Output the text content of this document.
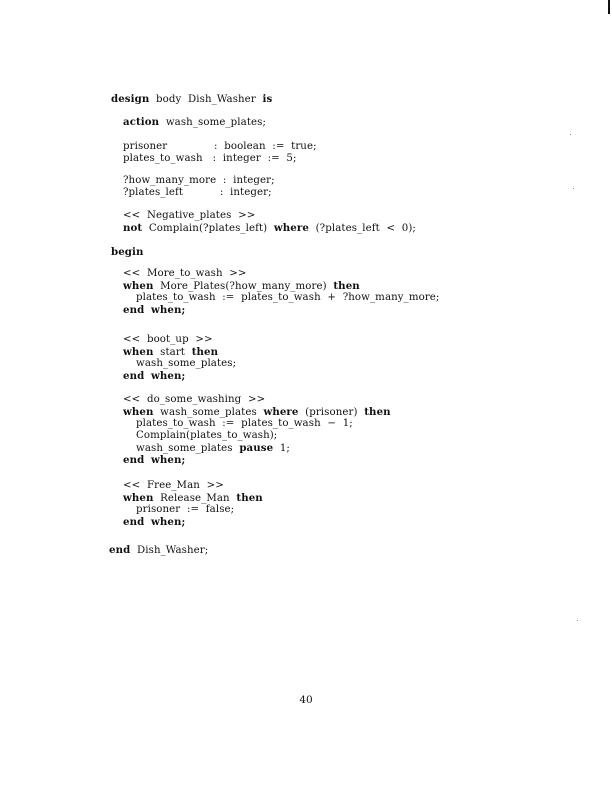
design  body  Dish_Washer  is
action  wash_some_plates;
prisoner              :  boolean  :=  true;
plates_to_wash   :  integer  :=  5;
?how_many_more  :  integer;
?plates_left           :  integer;
<<  Negative_plates  >>
not  Complain(?plates_left)  where  (?plates_left  <  0);
begin
<<  More_to_wash  >>
when  More_Plates(?how_many_more)  then
plates_to_wash  :=  plates_to_wash  +  ?how_many_more;
end when;
<<  boot_up  >>
when  start  then
wash_some_plates;
end when;
<<  do_some_washing  >>
when  wash_some_plates  where  (prisoner)  then
plates_to_wash  :=  plates_to_wash  −  1;
Complain(plates_to_wash);
wash_some_plates  pause  1;
end when;
<<  Free_Man  >>
when  Release_Man  then
prisoner  :=  false;
end when;
end  Dish_Washer;
40
